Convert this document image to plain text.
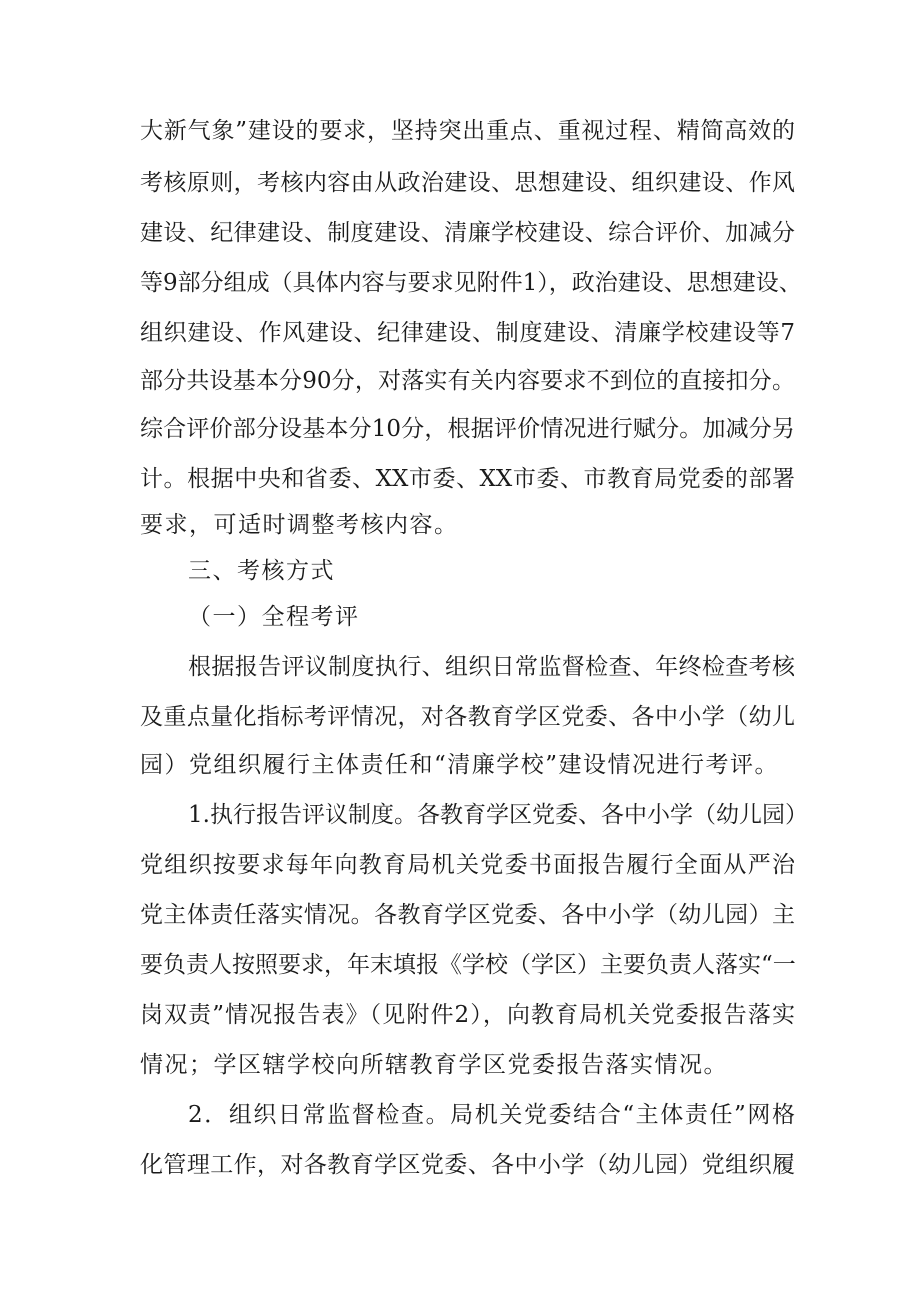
大新气象”建设的要求，坚持突出重点、重视过程、精简高效的
考核原则，考核内容由从政治建设、思想建设、组织建设、作风
建设、纪律建设、制度建设、清廉学校建设、综合评价、加减分
等9部分组成（具体内容与要求见附件1），政治建设、思想建设、
组织建设、作风建设、纪律建设、制度建设、清廉学校建设等7
部分共设基本分90分，对落实有关内容要求不到位的直接扣分。
综合评价部分设基本分10分，根据评价情况进行赋分。加减分另
计。根据中央和省委、XX市委、XX市委、市教育局党委的部署
要求，可适时调整考核内容。
三、考核方式
（一）全程考评
根据报告评议制度执行、组织日常监督检查、年终检查考核
及重点量化指标考评情况，对各教育学区党委、各中小学（幼儿
园）党组织履行主体责任和“清廉学校”建设情况进行考评。
1.执行报告评议制度。各教育学区党委、各中小学（幼儿园）
党组织按要求每年向教育局机关党委书面报告履行全面从严治
党主体责任落实情况。各教育学区党委、各中小学（幼儿园）主
要负责人按照要求，年末填报《学校（学区）主要负责人落实“一
岗双责”情况报告表》（见附件2），向教育局机关党委报告落实
情况；学区辖学校向所辖教育学区党委报告落实情况。
2．组织日常监督检查。局机关党委结合“主体责任”网格
化管理工作，对各教育学区党委、各中小学（幼儿园）党组织履
